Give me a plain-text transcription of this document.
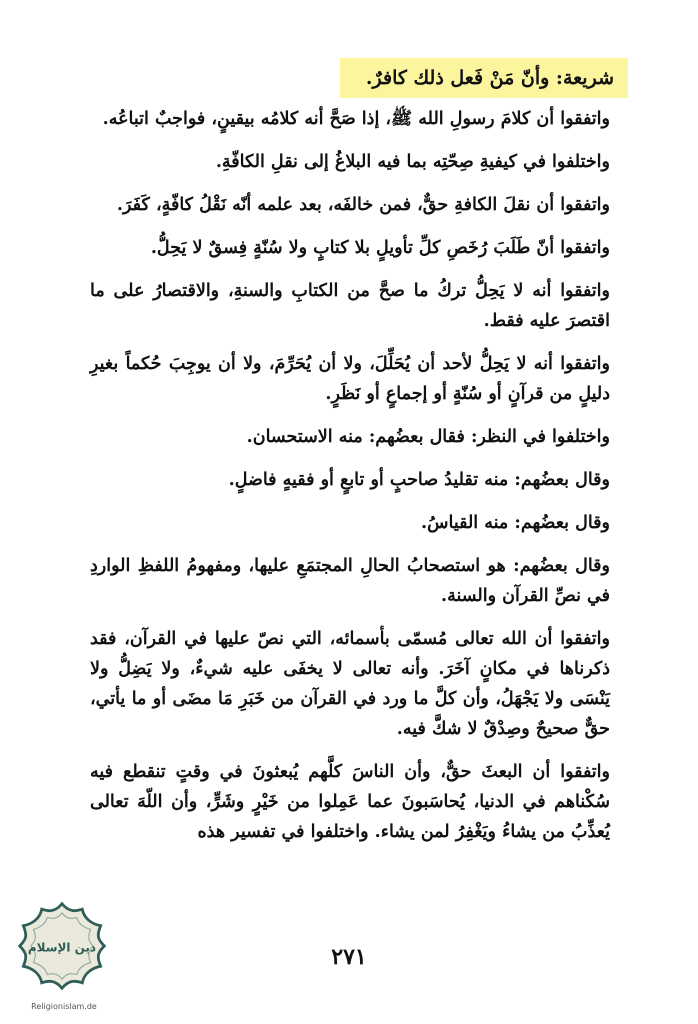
شريعة: وأنّ مَنْ فَعل ذلك كافرٌ.

واتفقوا أن كلامَ رسولِ الله ﷺ، إذا صَحَّ أنه كلامُه بيقينٍ، فواجبٌ اتباعُه.

واختلفوا في كيفيةِ صِحّتِه بما فيه البلاغُ إلى نقلِ الكافّةِ.

واتفقوا أن نقلَ الكافةِ حقٌّ، فمن خالفَه، بعد علمه أنّه نَقْلُ كافّةٍ، كَفَرَ.

واتفقوا أنّ طَلَبَ رُخَصِ كلِّ تأويلٍ بلا كتابٍ ولا سُنّةٍ فِسقٌ لا يَحِلُّ.

واتفقوا أنه لا يَحِلُّ تركُ ما صحَّ من الكتابِ والسنةِ، والاقتصارُ على ما اقتصرَ عليه فقط.

واتفقوا أنه لا يَحِلُّ لأحد أن يُحَلِّلَ، ولا أن يُحَرِّمَ، ولا أن يوجِبَ حُكماً بغيرِ دليلٍ من قرآنٍ أو سُنّةٍ أو إجماعٍ أو نَظَرٍ.

واختلفوا في النظر: فقال بعضُهم: منه الاستحسان.

وقال بعضُهم: منه تقليدُ صاحبٍ أو تابعٍ أو فقيهٍ فاضلٍ.

وقال بعضُهم: منه القياسُ.

وقال بعضُهم: هو استصحابُ الحالِ المجتمَعِ عليها، ومفهومُ اللفظِ الواردِ في نصِّ القرآن والسنة.

واتفقوا أن الله تعالى مُسمّى بأسمائه، التي نصّ عليها في القرآن، فقد ذكرناها في مكانٍ آخَرَ. وأنه تعالى لا يخفَى عليه شيءٌ، ولا يَضِلُّ ولا يَنْسَى ولا يَجْهَلُ، وأن كلَّ ما ورد في القرآن من خَبَرِ مَا مضَى أو ما يأتي، حقٌّ صحيحٌ وصِدْقٌ لا شكَّ فيه.

واتفقوا أن البعثَ حقٌّ، وأن الناسَ كلَّهم يُبعثونَ في وقتٍ تنقطع فيه سُكْناهم في الدنيا، يُحاسَبونَ عما عَمِلوا من خَيْرٍ وشَرٍّ، وأن اللّهَ تعالى يُعذِّبُ من يشاءُ ويَغْفِرُ لمن يشاء. واختلفوا في تفسير هذه

٢٧١
دين الإسلام
Religionislam.de
